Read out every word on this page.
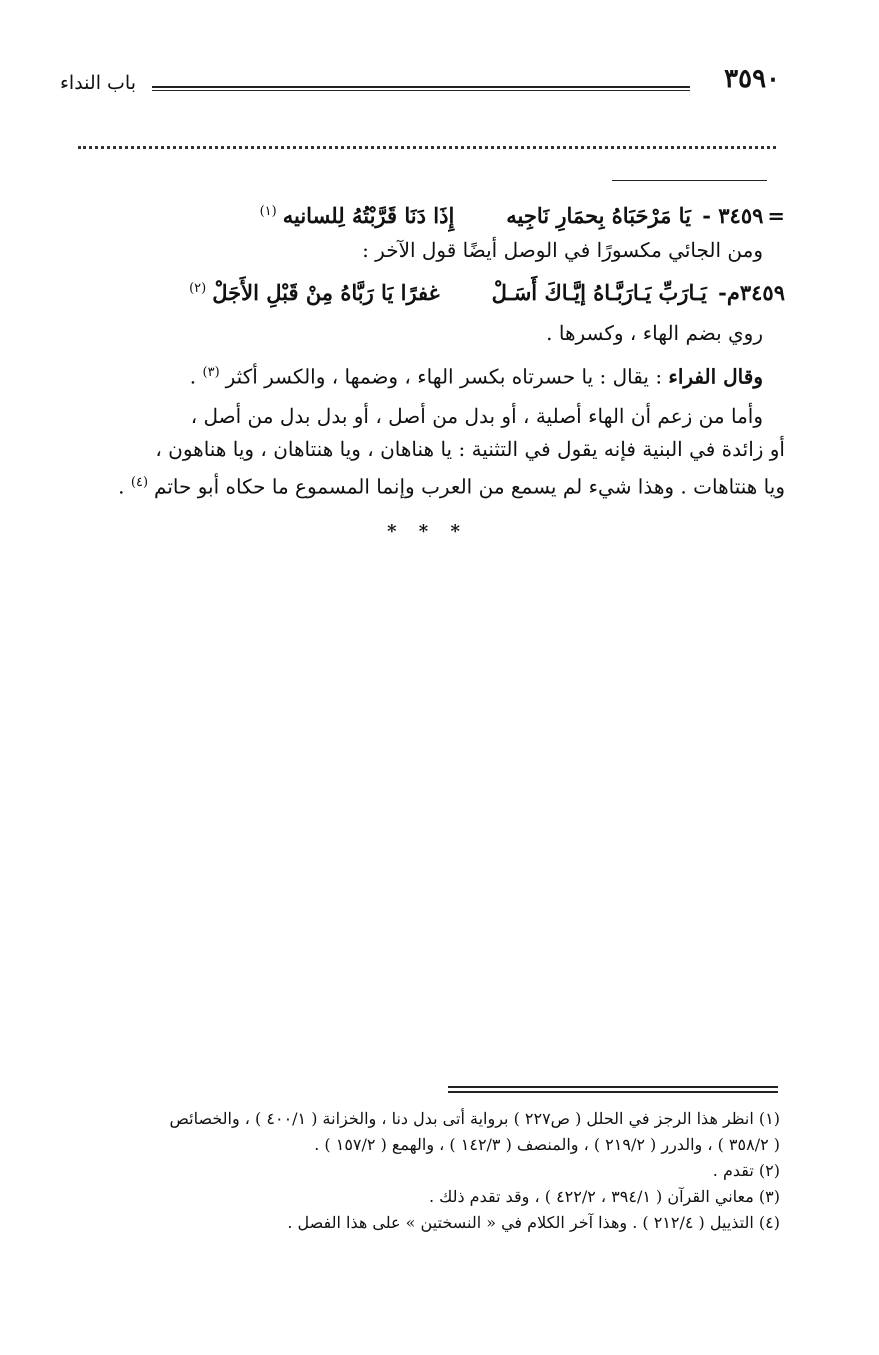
٣٥٩٠
باب النداء
=٣٤٥٩ - يَا مَرْحَبَاهُ بِحمَارِ نَاجِيهإِذَا دَنَا قَرَّبْتُهُ لِلسانيه$^{(١)}$
ومن الجائي مكسورًا في الوصل أيضًا قول الآخر :
٣٤٥٩م- يَـارَبِّ يَـارَبَّـاهُ إيَّـاكَ أَسَـلْغفرًا يَا رَبَّاهُ مِنْ قَبْلِ الأَجَلْ$^{(٢)}$
روي بضم الهاء ، وكسرها .
وقال الفراء : يقال : يا حسرتاه بكسر الهاء ، وضمها ، والكسر أكثر$^{(٣)}$ .
وأما من زعم أن الهاء أصلية ، أو بدل من أصل ، أو بدل بدل من أصل ،
أو زائدة في البنية فإنه يقول في التثنية : يا هناهان ، ويا هنتاهان ، ويا هناهون ،
ويا هنتاهات . وهذا شيء لم يسمع من العرب وإنما المسموع ما حكاه أبو حاتم$^{(٤)}$ .
* * *
(١) انظر هذا الرجز في الحلل ( ص٢٢٧ ) برواية أتى بدل دنا ، والخزانة ( ٤٠٠/١ ) ، والخصائص
( ٣٥٨/٢ ) ، والدرر ( ٢١٩/٢ ) ، والمنصف ( ١٤٢/٣ ) ، والهمع ( ١٥٧/٢ ) .
(٢) تقدم .
(٣) معاني القرآن ( ٣٩٤/١ ، ٤٢٢/٢ ) ، وقد تقدم ذلك .
(٤) التذييل ( ٢١٢/٤ ) . وهذا آخر الكلام في « النسختين » على هذا الفصل .
